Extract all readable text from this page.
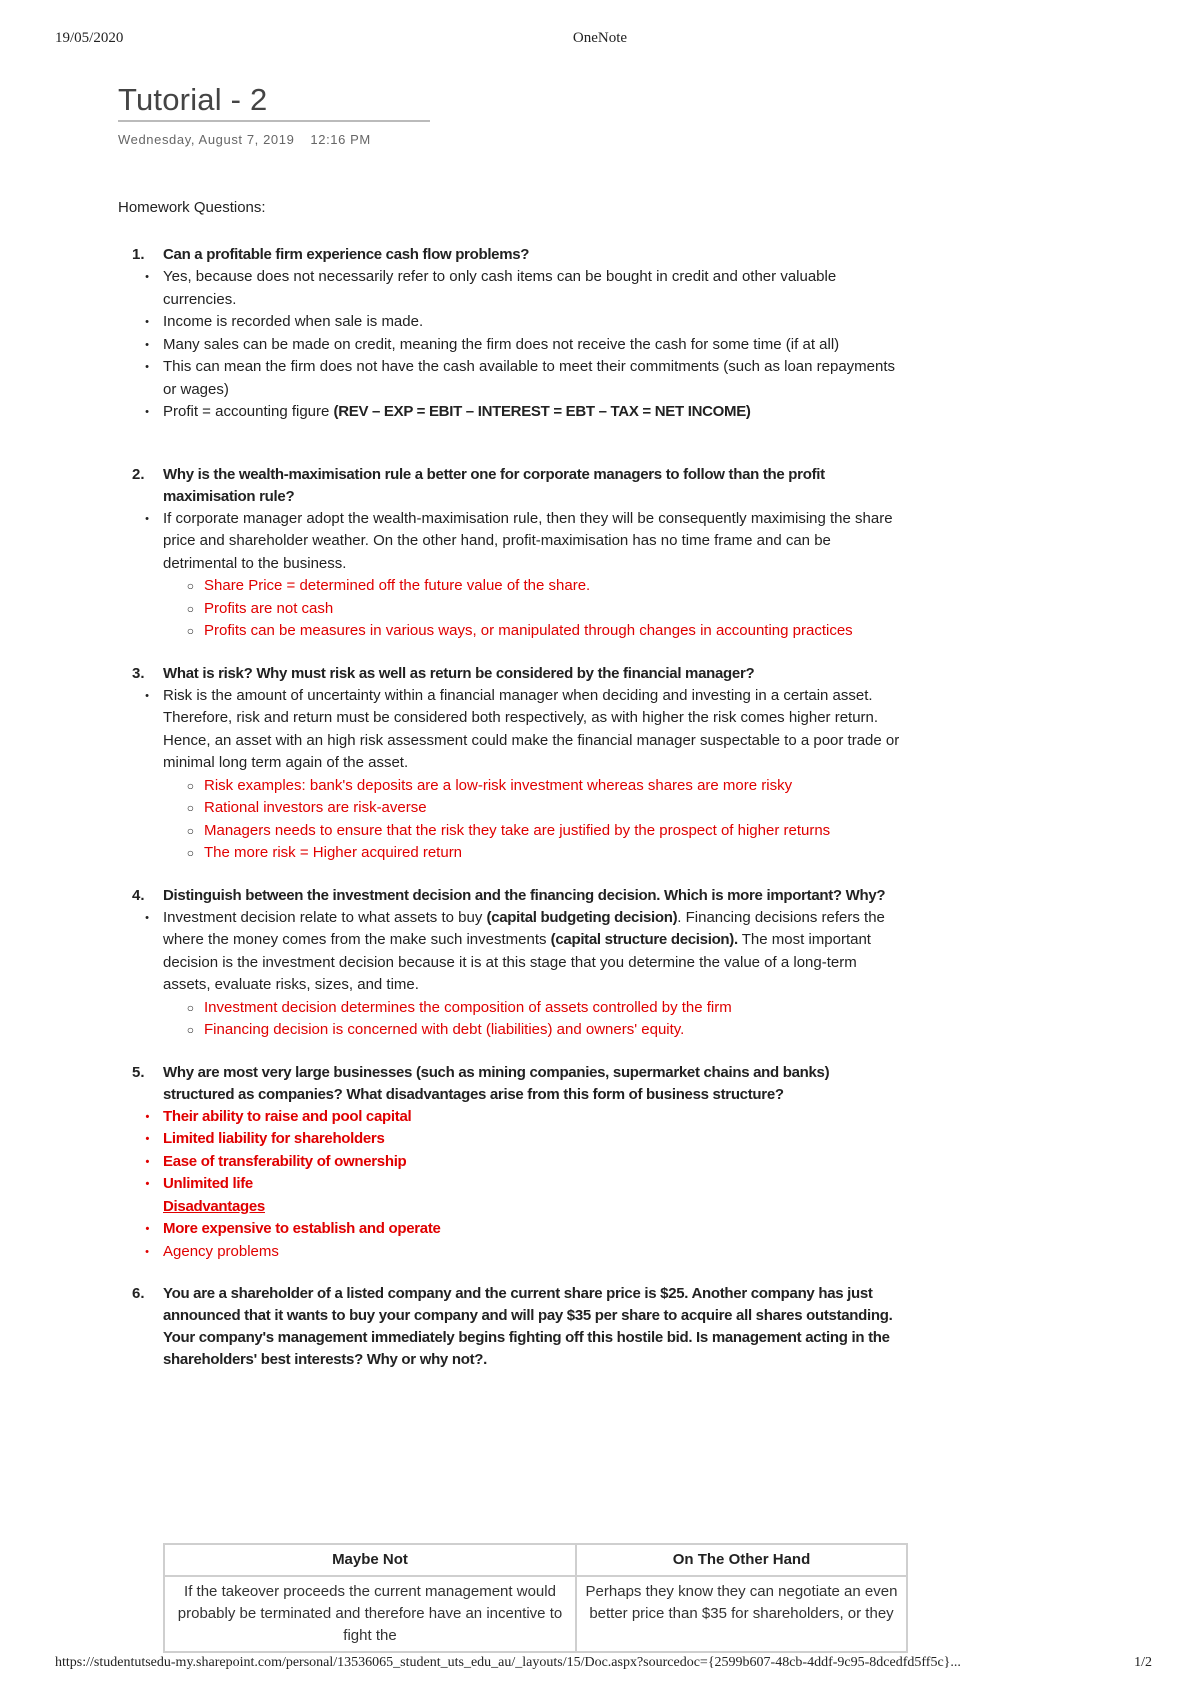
19/05/2020	OneNote
Tutorial - 2
Wednesday, August 7, 2019 12:16 PM
Homework Questions:
1.	Can a profitable firm experience cash flow problems?
• Yes, because does not necessarily refer to only cash items can be bought in credit and other valuable currencies.
• Income is recorded when sale is made.
• Many sales can be made on credit, meaning the firm does not receive the cash for some time (if at all)
• This can mean the firm does not have the cash available to meet their commitments (such as loan repayments or wages)
• Profit = accounting figure (REV – EXP = EBIT – INTEREST = EBT – TAX = NET INCOME)
2.	Why is the wealth-maximisation rule a better one for corporate managers to follow than the profit maximisation rule?
• If corporate manager adopt the wealth-maximisation rule, then they will be consequently maximising the share price and shareholder weather. On the other hand, profit-maximisation has no time frame and can be detrimental to the business.
○ Share Price = determined off the future value of the share.
○ Profits are not cash
○ Profits can be measures in various ways, or manipulated through changes in accounting practices
3.	What is risk? Why must risk as well as return be considered by the financial manager?
• Risk is the amount of uncertainty within a financial manager when deciding and investing in a certain asset. Therefore, risk and return must be considered both respectively, as with higher the risk comes higher return. Hence, an asset with an high risk assessment could make the financial manager suspectable to a poor trade or minimal long term again of the asset.
○ Risk examples: bank's deposits are a low-risk investment whereas shares are more risky
○ Rational investors are risk-averse
○ Managers needs to ensure that the risk they take are justified by the prospect of higher returns
○ The more risk = Higher acquired return
4.	Distinguish between the investment decision and the financing decision. Which is more important? Why?
• Investment decision relate to what assets to buy (capital budgeting decision). Financing decisions refers the where the money comes from the make such investments (capital structure decision). The most important decision is the investment decision because it is at this stage that you determine the value of a long-term assets, evaluate risks, sizes, and time.
○ Investment decision determines the composition of assets controlled by the firm
○ Financing decision is concerned with debt (liabilities) and owners' equity.
5.	Why are most very large businesses (such as mining companies, supermarket chains and banks) structured as companies? What disadvantages arise from this form of business structure?
• Their ability to raise and pool capital
• Limited liability for shareholders
• Ease of transferability of ownership
• Unlimited life
Disadvantages
• More expensive to establish and operate
• Agency problems
6.	You are a shareholder of a listed company and the current share price is $25. Another company has just announced that it wants to buy your company and will pay $35 per share to acquire all shares outstanding. Your company's management immediately begins fighting off this hostile bid. Is management acting in the shareholders' best interests? Why or why not?.
Maybe Not	On The Other Hand
If the takeover proceeds the current management would probably be terminated and therefore have an incentive to fight the	Perhaps they know they can negotiate an even better price than $35 for shareholders, or they
https://studentutsedu-my.sharepoint.com/personal/13536065_student_uts_edu_au/_layouts/15/Doc.aspx?sourcedoc={2599b607-48cb-4ddf-9c95-8dcedfd5ff5c}...	1/2
